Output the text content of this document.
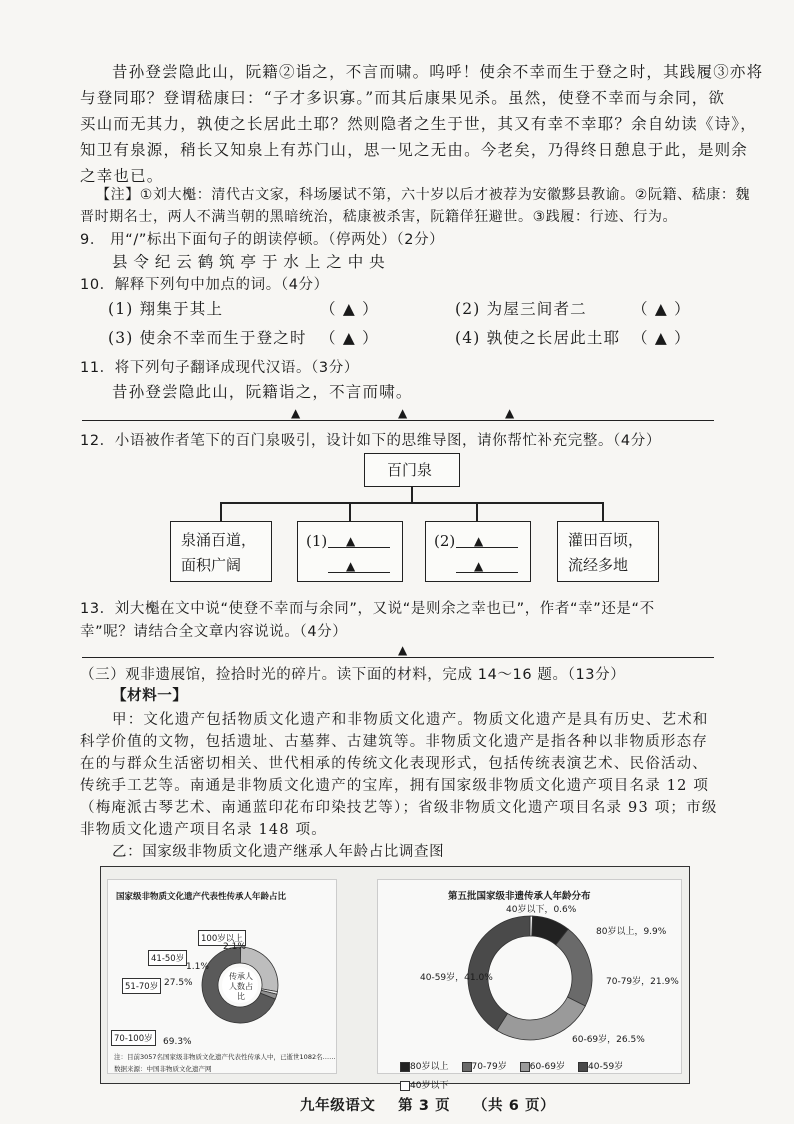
昔孙登尝隐此山，阮籍②诣之，不言而啸。呜呼！使余不幸而生于登之时，其践履③亦将
与登同耶？登谓嵇康曰：“子才多识寡。”而其后康果见杀。虽然，使登不幸而与余同，欲
买山而无其力，孰使之长居此土耶？然则隐者之生于世，其又有幸不幸耶？余自幼读《诗》，
知卫有泉源，稍长又知泉上有苏门山，思一见之无由。今老矣，乃得终日憩息于此，是则余
之幸也已。
【注】①刘大櫆：清代古文家，科场屡试不第，六十岁以后才被荐为安徽黟县教谕。②阮籍、嵇康：魏
晋时期名士，两人不满当朝的黑暗统治，嵇康被杀害，阮籍佯狂避世。③践履：行迹、行为。
9． 用“/”标出下面句子的朗读停顿。（停两处）（2分）
县 令 纪 云 鹤 筑 亭 于 水 上 之 中 央
10．解释下列句中加点的词。（4分）
(1) 翔集于其上	（ ▲ ）	(2) 为屋三间者二	（ ▲ ）
(3) 使余不幸而生于登之时 （ ▲ ）	(4) 孰使之长居此土耶 （ ▲ ）
11．将下列句子翻译成现代汉语。（3分）
昔孙登尝隐此山，阮籍诣之，不言而啸。
▲	▲	▲
12．小语被作者笔下的百门泉吸引，设计如下的思维导图，请你帮忙补充完整。（4分）
百门泉
泉涌百道，
面积广阔
(1) ▲
▲
(2) ▲
▲
灌田百顷，
流经多地
13．刘大櫆在文中说“使登不幸而与余同”，又说“是则余之幸也已”，作者“幸”还是“不
幸”呢？请结合全文章内容说说。（4分）
▲
（三）观非遗展馆，捡拾时光的碎片。读下面的材料，完成 14～16 题。（13分）
【材料一】
甲：文化遗产包括物质文化遗产和非物质文化遗产。物质文化遗产是具有历史、艺术和
科学价值的文物，包括遗址、古墓葬、古建筑等。非物质文化遗产是指各种以非物质形态存
在的与群众生活密切相关、世代相承的传统文化表现形式，包括传统表演艺术、民俗活动、
传统手工艺等。南通是非物质文化遗产的宝库，拥有国家级非物质文化遗产项目名录 12 项
（梅庵派古琴艺术、南通蓝印花布印染技艺等）；省级非物质文化遗产项目名录 93 项；市级
非物质文化遗产项目名录 148 项。
乙：国家级非物质文化遗产继承人年龄占比调查图
国家级非物质文化遗产代表性传承人年龄占比
传承人人数占比
70-100岁	69.3%
51-70岁 27.5%
41-50岁
1.1%
100岁以上
2.1%
注：目前3057名国家级非物质文化遗产代表性传承人中，已逝世1082名……
数据来源：中国非物质文化遗产网
第五批国家级非遗传承人年龄分布
40岁以下，0.6%
80岁以上，9.9%
70-79岁，21.9%
60-69岁，26.5%
40-59岁，41.0%
80岁以上	70-79岁	60-69岁	40-59岁 40岁以下
九年级语文    第 3 页    （共 6 页）
